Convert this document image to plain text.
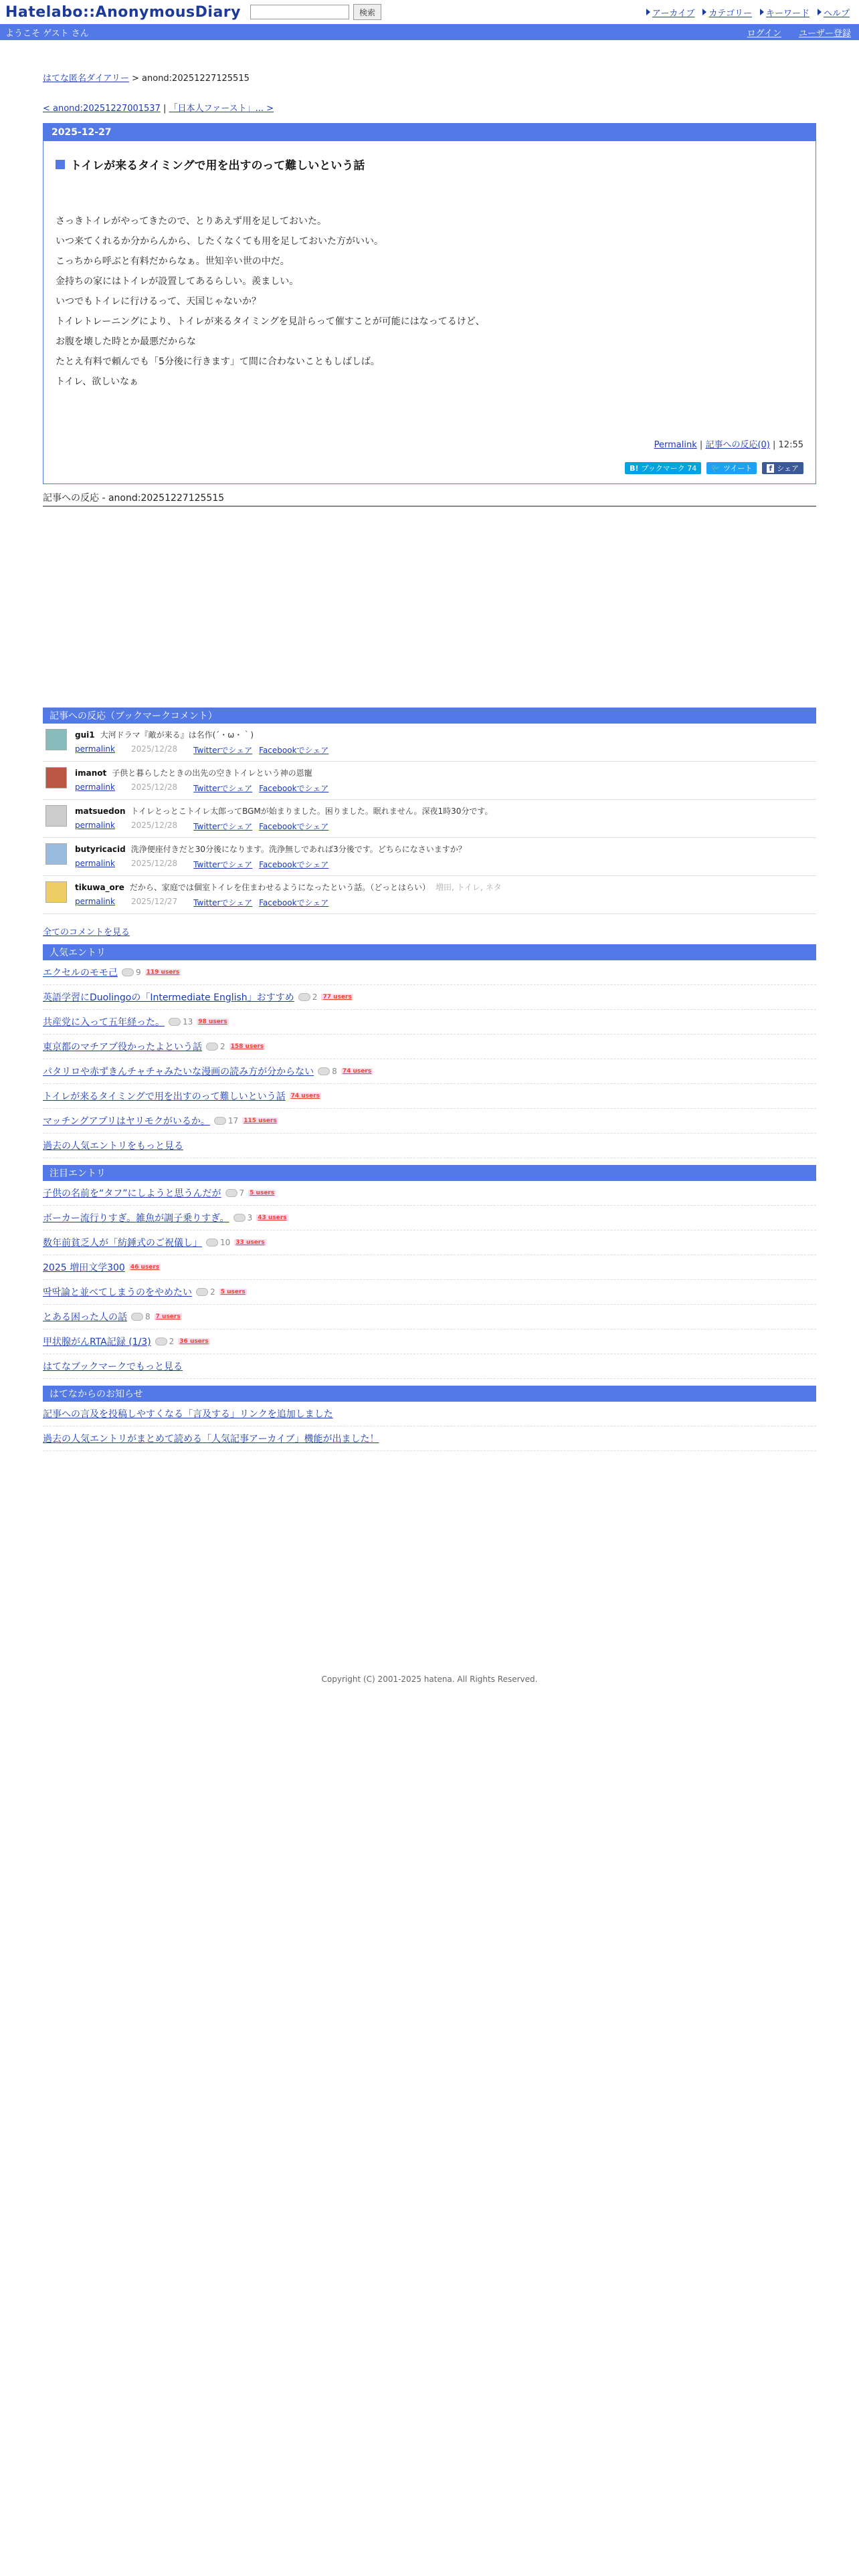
Hatelabo::AnonymousDiary	検索	アーカイブ カテゴリー キーワード ヘルプ
ようこそ ゲスト さん	ログイン ユーザー登録
はてな匿名ダイアリー > anond:20251227125515
< anond:20251227001537 | 「日本人ファースト」... >
2025-12-27
トイレが来るタイミングで用を出すのって難しいという話
さっきトイレがやってきたので、とりあえず用を足しておいた。
いつ来てくれるか分からんから、したくなくても用を足しておいた方がいい。
こっちから呼ぶと有料だからなぁ。世知辛い世の中だ。
金持ちの家にはトイレが設置してあるらしい。羨ましい。
いつでもトイレに行けるって、天国じゃないか？
トイレトレーニングにより、トイレが来るタイミングを見計らって催すことが可能にはなってるけど、
お腹を壊した時とか最悪だからな
たとえ有料で頼んでも「5分後に行きます」て間に合わないこともしばしば。
トイレ、欲しいなぁ
Permalink | 記事への反応(0) | 12:55
B! ブックマーク 74 🐦 ツイート f シェア
記事への反応 - anond:20251227125515
記事への反応（ブックマークコメント）
gui1 大河ドラマ『敵が来る』は名作(´・ω・｀)
permalink 2025/12/28 Twitterでシェア Facebookでシェア
imanot 子供と暮らしたときの出先の空きトイレという神の恩寵
permalink 2025/12/28 Twitterでシェア Facebookでシェア
matsuedon トイレとっとこトイレ太郎ってBGMが始まりました。困りました。眠れません。深夜1時30分です。
permalink 2025/12/28 Twitterでシェア Facebookでシェア
butyricacid 洗浄便座付きだと30分後になります。洗浄無しであれば3分後です。どちらになさいますか？
permalink 2025/12/28 Twitterでシェア Facebookでシェア
tikuwa_ore だから、家庭では個室トイレを住まわせるようになったという話。（どっとはらい） 増田, トイレ, ネタ
permalink 2025/12/27 Twitterでシェア Facebookでシェア
全てのコメントを見る
人気エントリ
エクセルのモモ己 9 119 users
英語学習にDuolingoの「Intermediate English」おすすめ 2 77 users
共産党に入って五年経った。 13 98 users
東京都のマチアプ役かったよという話 2 158 users
パタリロや赤ずきんチャチャみたいな漫画の読み方が分からない 8 74 users
トイレが来るタイミングで用を出すのって難しいという話 74 users
マッチングアプリはヤリモクがいるか。 17 115 users
過去の人気エントリをもっと見る
注目エントリ
子供の名前を“タフ”にしようと思うんだが 7 5 users
ボーカー流行りすぎ。雑魚が調子乗りすぎ。 3 43 users
数年前貧乏人が「紡錘式のご祝儀し」 10 33 users
2025 増田文学300 46 users
딱딱論と並べてしまうのをやめたい 2 5 users
とある困った人の話 8 7 users
甲状腺がんRTA記録 (1/3) 2 36 users
はてなブックマークでもっと見る
はてなからのお知らせ
記事への言及を投稿しやすくなる「言及する」リンクを追加しました
過去の人気エントリがまとめて読める「人気記事アーカイブ」機能が出ました！
Copyright (C) 2001-2025 hatena. All Rights Reserved.
